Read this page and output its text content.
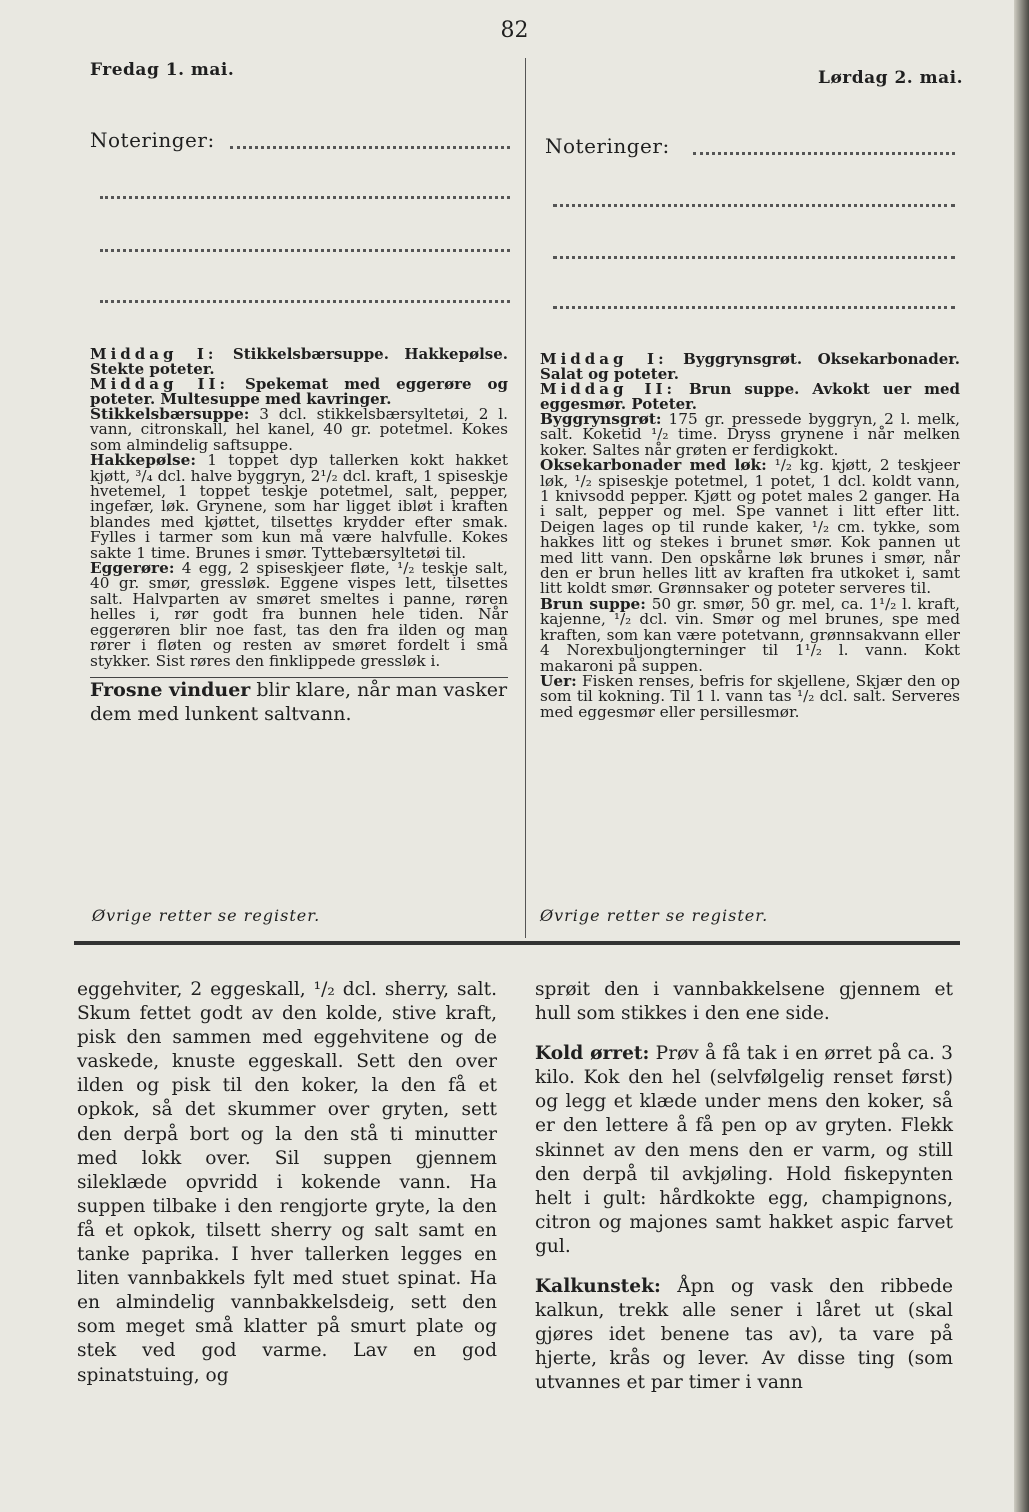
82
Fredag 1. mai.
Noteringer:

Middag I: Stikkelsbærsuppe. Hakkepølse. Stekte poteter.

Middag II: Spekemat med eggerøre og poteter. Multesuppe med kavringer.

Stikkelsbærsuppe: 3 dcl. stikkelsbærsyltetøi, 2 l. vann, citronskall, hel kanel, 40 gr. potetmel. Kokes som almindelig saftsuppe.

Hakkepølse: 1 toppet dyp tallerken kokt hakket kjøtt, ³/₄ dcl. halve byggryn, 2¹/₂ dcl. kraft, 1 spiseskje hvetemel, 1 toppet teskje potetmel, salt, pepper, ingefær, løk. Grynene, som har ligget ibløt i kraften blandes med kjøttet, tilsettes krydder efter smak. Fylles i tarmer som kun må være halvfulle. Kokes sakte 1 time. Brunes i smør. Tyttebærsyltetøi til.

Eggerøre: 4 egg, 2 spiseskjeer fløte, ¹/₂ teskje salt, 40 gr. smør, gressløk. Eggene vispes lett, tilsettes salt. Halvparten av smøret smeltes i panne, røren helles i, rør godt fra bunnen hele tiden. Når eggerøren blir noe fast, tas den fra ilden og man rører i fløten og resten av smøret fordelt i små stykker. Sist røres den finklippede gressløk i.

Frosne vinduer blir klare, når man vasker dem med lunkent saltvann.

Øvrige retter se register.
Lørdag 2. mai.
Noteringer:

Middag I: Byggrynsgrøt. Oksekarbonader. Salat og poteter.

Middag II: Brun suppe. Avkokt uer med eggesmør. Poteter.

Byggrynsgrøt: 175 gr. pressede byggryn, 2 l. melk, salt. Koketid ¹/₂ time. Dryss grynene i når melken koker. Saltes når grøten er ferdigkokt.

Oksekarbonader med løk: ¹/₂ kg. kjøtt, 2 teskjeer løk, ¹/₂ spiseskje potetmel, 1 potet, 1 dcl. koldt vann, 1 knivsodd pepper. Kjøtt og potet males 2 ganger. Ha i salt, pepper og mel. Spe vannet i litt efter litt. Deigen lages op til runde kaker, ¹/₂ cm. tykke, som hakkes litt og stekes i brunet smør. Kok pannen ut med litt vann. Den opskårne løk brunes i smør, når den er brun helles litt av kraften fra utkoket i, samt litt koldt smør. Grønnsaker og poteter serveres til.

Brun suppe: 50 gr. smør, 50 gr. mel, ca. 1¹/₂ l. kraft, kajenne, ¹/₂ dcl. vin. Smør og mel brunes, spe med kraften, som kan være potetvann, grønnsakvann eller 4 Norexbuljongterninger til 1¹/₂ l. vann. Kokt makaroni på suppen.

Uer: Fisken renses, befris for skjellene, Skjær den op som til kokning. Til 1 l. vann tas ¹/₂ dcl. salt. Serveres med eggesmør eller persillesmør.

Øvrige retter se register.

eggehviter, 2 eggeskall, ¹/₂ dcl. sherry, salt. Skum fettet godt av den kolde, stive kraft, pisk den sammen med eggehvitene og de vaskede, knuste eggeskall. Sett den over ilden og pisk til den koker, la den få et opkok, så det skummer over gryten, sett den derpå bort og la den stå ti minutter med lokk over. Sil suppen gjennem sileklæde opvridd i kokende vann. Ha suppen tilbake i den rengjorte gryte, la den få et opkok, tilsett sherry og salt samt en tanke paprika. I hver tallerken legges en liten vannbakkels fylt med stuet spinat. Ha en almindelig vannbakkelsdeig, sett den som meget små klatter på smurt plate og stek ved god varme. Lav en god spinatstuing, og

sprøit den i vannbakkelsene gjennem et hull som stikkes i den ene side.

Kold ørret: Prøv å få tak i en ørret på ca. 3 kilo. Kok den hel (selvfølgelig renset først) og legg et klæde under mens den koker, så er den lettere å få pen op av gryten. Flekk skinnet av den mens den er varm, og still den derpå til avkjøling. Hold fiskepynten helt i gult: hårdkokte egg, champignons, citron og majones samt hakket aspic farvet gul.

Kalkunstek: Åpn og vask den ribbede kalkun, trekk alle sener i låret ut (skal gjøres idet benene tas av), ta vare på hjerte, krås og lever. Av disse ting (som utvannes et par timer i vann
